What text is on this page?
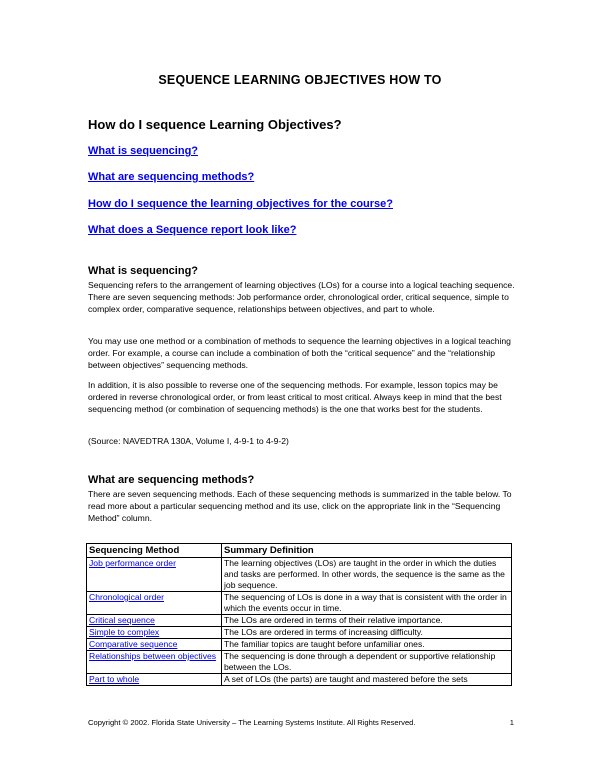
SEQUENCE LEARNING OBJECTIVES HOW TO
How do I sequence Learning Objectives?
What is sequencing?
What are sequencing methods?
How do I sequence the learning objectives for the course?
What does a Sequence report look like?
What is sequencing?

Sequencing refers to the arrangement of learning objectives (LOs) for a course into a logical teaching sequence. There are seven sequencing methods: Job performance order, chronological order, critical sequence, simple to complex order, comparative sequence, relationships between objectives, and part to whole.

You may use one method or a combination of methods to sequence the learning objectives in a logical teaching order. For example, a course can include a combination of both the “critical sequence” and the “relationship between objectives” sequencing methods.

In addition, it is also possible to reverse one of the sequencing methods. For example, lesson topics may be ordered in reverse chronological order, or from least critical to most critical. Always keep in mind that the best sequencing method (or combination of sequencing methods) is the one that works best for the students.

(Source: NAVEDTRA 130A, Volume I, 4-9-1 to 4-9-2)

What are sequencing methods?

There are seven sequencing methods. Each of these sequencing methods is summarized in the table below. To read more about a particular sequencing method and its use, click on the appropriate link in the “Sequencing Method” column.

Sequencing Method	Summary Definition
Job performance order	The learning objectives (LOs) are taught in the order in which the duties and tasks are performed. In other words, the sequence is the same as the job sequence.
Chronological order	The sequencing of LOs is done in a way that is consistent with the order in which the events occur in time.
Critical sequence	The LOs are ordered in terms of their relative importance.
Simple to complex	The LOs are ordered in terms of increasing difficulty.
Comparative sequence	The familiar topics are taught before unfamiliar ones.
Relationships between objectives	The sequencing is done through a dependent or supportive relationship between the LOs.
Part to whole	A set of LOs (the parts) are taught and mastered before the sets
Copyright © 2002. Florida State University – The Learning Systems Institute. All Rights Reserved.	1
